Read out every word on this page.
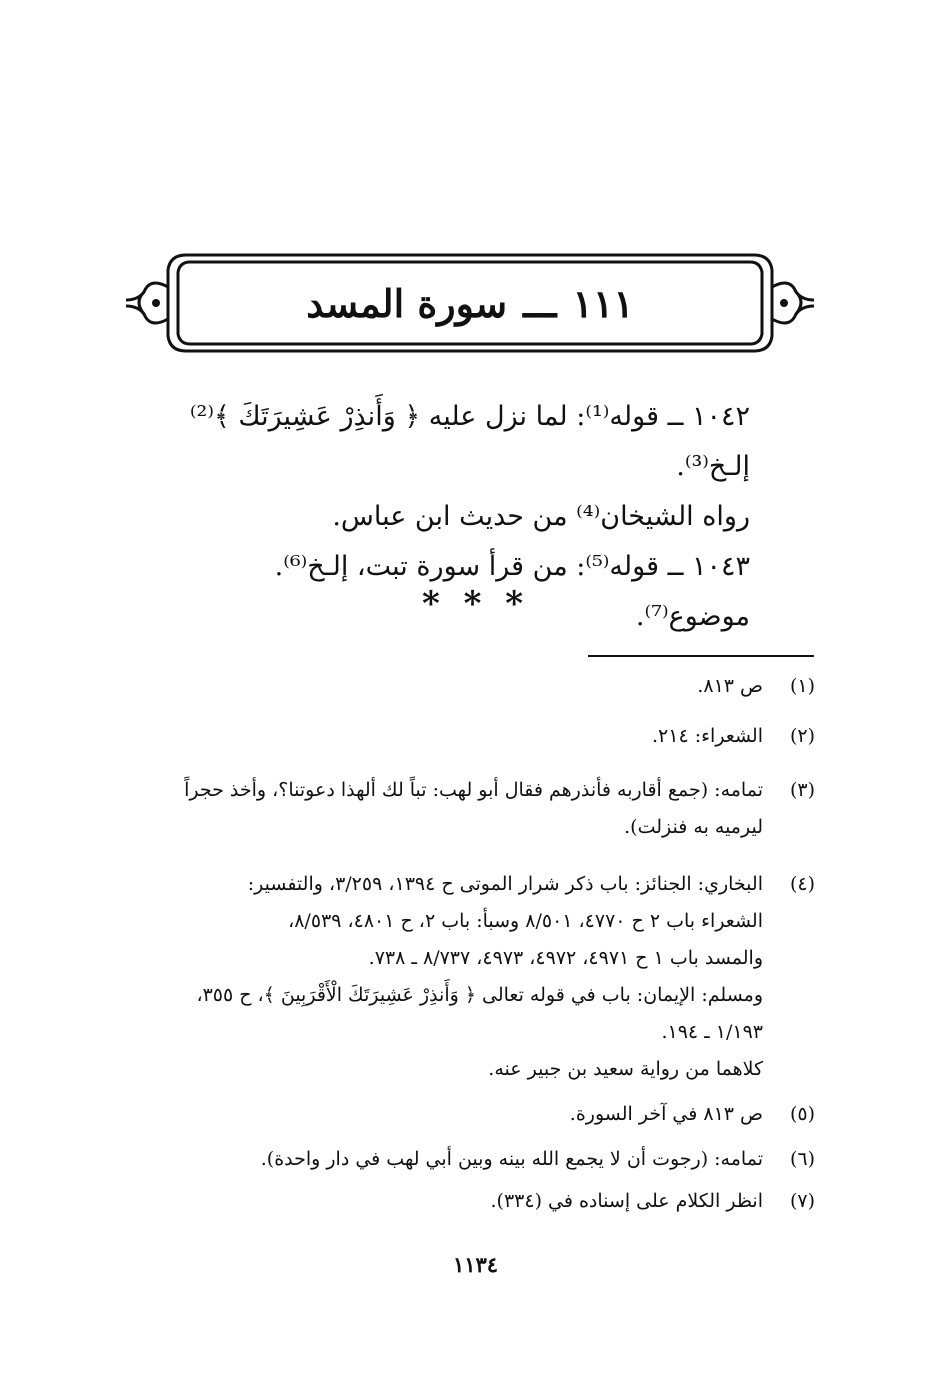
١١١
ـــ
سورة المسد

١٠٤٢ ــ قوله⁽¹⁾: لما نزل عليه ﴿ وَأَنذِرْ عَشِيرَتَكَ ﴾⁽²⁾ إلـخ⁽³⁾.

رواه الشيخان⁽⁴⁾ من حديث ابن عباس.

١٠٤٣ ــ قوله⁽⁵⁾: من قرأ سورة تبت، إلـخ⁽⁶⁾.

موضوع⁽⁷⁾.

* * *
(١)
ص ٨١٣.
(٢)
الشعراء: ٢١٤.
(٣)
تمامه: (جمع أقاربه فأنذرهم فقال أبو لهب: تباً لك ألهذا دعوتنا؟، وأخذ حجراً
ليرميه به فنزلت).
(٤)
البخاري: الجنائز: باب ذكر شرار الموتى ح ١٣٩٤، ٣/٢٥٩، والتفسير:
الشعراء باب ٢ ح ٤٧٧٠، ٨/٥٠١ وسبأ: باب ٢، ح ٤٨٠١، ٨/٥٣٩،
والمسد باب ١ ح ٤٩٧١، ٤٩٧٢، ٤٩٧٣، ٨/٧٣٧ ـ ٧٣٨.
ومسلم: الإيمان: باب في قوله تعالى ﴿ وَأَنذِرْ عَشِيرَتَكَ الْأَقْرَبِينَ ﴾، ح ٣٥٥،
١/١٩٣ ـ ١٩٤.
كلاهما من رواية سعيد بن جبير عنه.
(٥)
ص ٨١٣ في آخر السورة.
(٦)
تمامه: (رجوت أن لا يجمع الله بينه وبين أبي لهب في دار واحدة).
(٧)
انظر الكلام على إسناده في (٣٣٤).
١١٣٤
